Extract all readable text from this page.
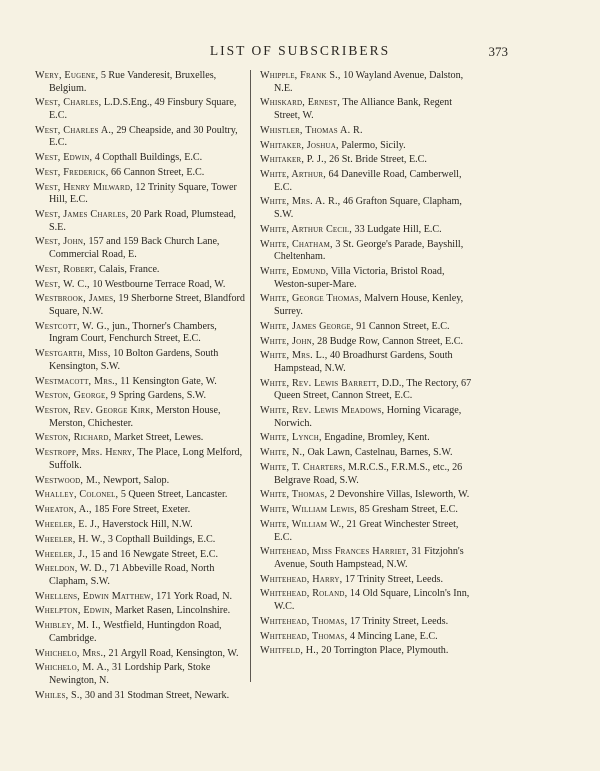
LIST OF SUBSCRIBERS	373
Wery, Eugene, 5 Rue Vanderesit, Bruxelles, Belgium.
West, Charles, L.D.S.Eng., 49 Finsbury Square, E.C.
West, Charles A., 29 Cheapside, and 30 Poultry, E.C.
West, Edwin, 4 Copthall Buildings, E.C.
West, Frederick, 66 Cannon Street, E.C.
West, Henry Milward, 12 Trinity Square, Tower Hill, E.C.
West, James Charles, 20 Park Road, Plumstead, S.E.
West, John, 157 and 159 Back Church Lane, Commercial Road, E.
West, Robert, Calais, France.
West, W. C., 10 Westbourne Terrace Road, W.
Westbrook, James, 19 Sherborne Street, Blandford Square, N.W.
Westcott, W. G., jun., Thorner's Chambers, Ingram Court, Fenchurch Street, E.C.
Westgarth, Miss, 10 Bolton Gardens, South Kensington, S.W.
Westmacott, Mrs., 11 Kensington Gate, W.
Weston, George, 9 Spring Gardens, S.W.
Weston, Rev. George Kirk, Merston House, Merston, Chichester.
Weston, Richard, Market Street, Lewes.
Westropp, Mrs. Henry, The Place, Long Melford, Suffolk.
Westwood, M., Newport, Salop.
Whalley, Colonel, 5 Queen Street, Lancaster.
Wheaton, A., 185 Fore Street, Exeter.
Wheeler, E. J., Haverstock Hill, N.W.
Wheeler, H. W., 3 Copthall Buildings, E.C.
Wheeler, J., 15 and 16 Newgate Street, E.C.
Wheldon, W. D., 71 Abbeville Road, North Clapham, S.W.
Whellens, Edwin Matthew, 171 York Road, N.
Whelpton, Edwin, Market Rasen, Lincolnshire.
Whibley, M. I., Westfield, Huntingdon Road, Cambridge.
Whichelo, Mrs., 21 Argyll Road, Kensington, W.
Whichelo, M. A., 31 Lordship Park, Stoke Newington, N.
Whiles, S., 30 and 31 Stodman Street, Newark.
Whipple, Frank S., 10 Wayland Avenue, Dalston, N.E.
Whiskard, Ernest, The Alliance Bank, Regent Street, W.
Whistler, Thomas A. R.
Whitaker, Joshua, Palermo, Sicily.
Whitaker, P. J., 26 St. Bride Street, E.C.
White, Arthur, 64 Daneville Road, Camberwell, E.C.
White, Mrs. A. R., 46 Grafton Square, Clapham, S.W.
White, Arthur Cecil, 33 Ludgate Hill, E.C.
White, Chatham, 3 St. George's Parade, Bayshill, Cheltenham.
White, Edmund, Villa Victoria, Bristol Road, Weston-super-Mare.
White, George Thomas, Malvern House, Kenley, Surrey.
White, James George, 91 Cannon Street, E.C.
White, John, 28 Budge Row, Cannon Street, E.C.
White, Mrs. L., 40 Broadhurst Gardens, South Hampstead, N.W.
White, Rev. Lewis Barrett, D.D., The Rectory, 67 Queen Street, Cannon Street, E.C.
White, Rev. Lewis Meadows, Horning Vicarage, Norwich.
White, Lynch, Engadine, Bromley, Kent.
White, N., Oak Lawn, Castelnau, Barnes, S.W.
White, T. Charters, M.R.C.S., F.R.M.S., etc., 26 Belgrave Road, S.W.
White, Thomas, 2 Devonshire Villas, Isleworth, W.
White, William Lewis, 85 Gresham Street, E.C.
White, William W., 21 Great Winchester Street, E.C.
Whitehead, Miss Frances Harriet, 31 Fitzjohn's Avenue, South Hampstead, N.W.
Whitehead, Harry, 17 Trinity Street, Leeds.
Whitehead, Roland, 14 Old Square, Lincoln's Inn, W.C.
Whitehead, Thomas, 17 Trinity Street, Leeds.
Whitehead, Thomas, 4 Mincing Lane, E.C.
Whitfeld, H., 20 Torrington Place, Plymouth.
